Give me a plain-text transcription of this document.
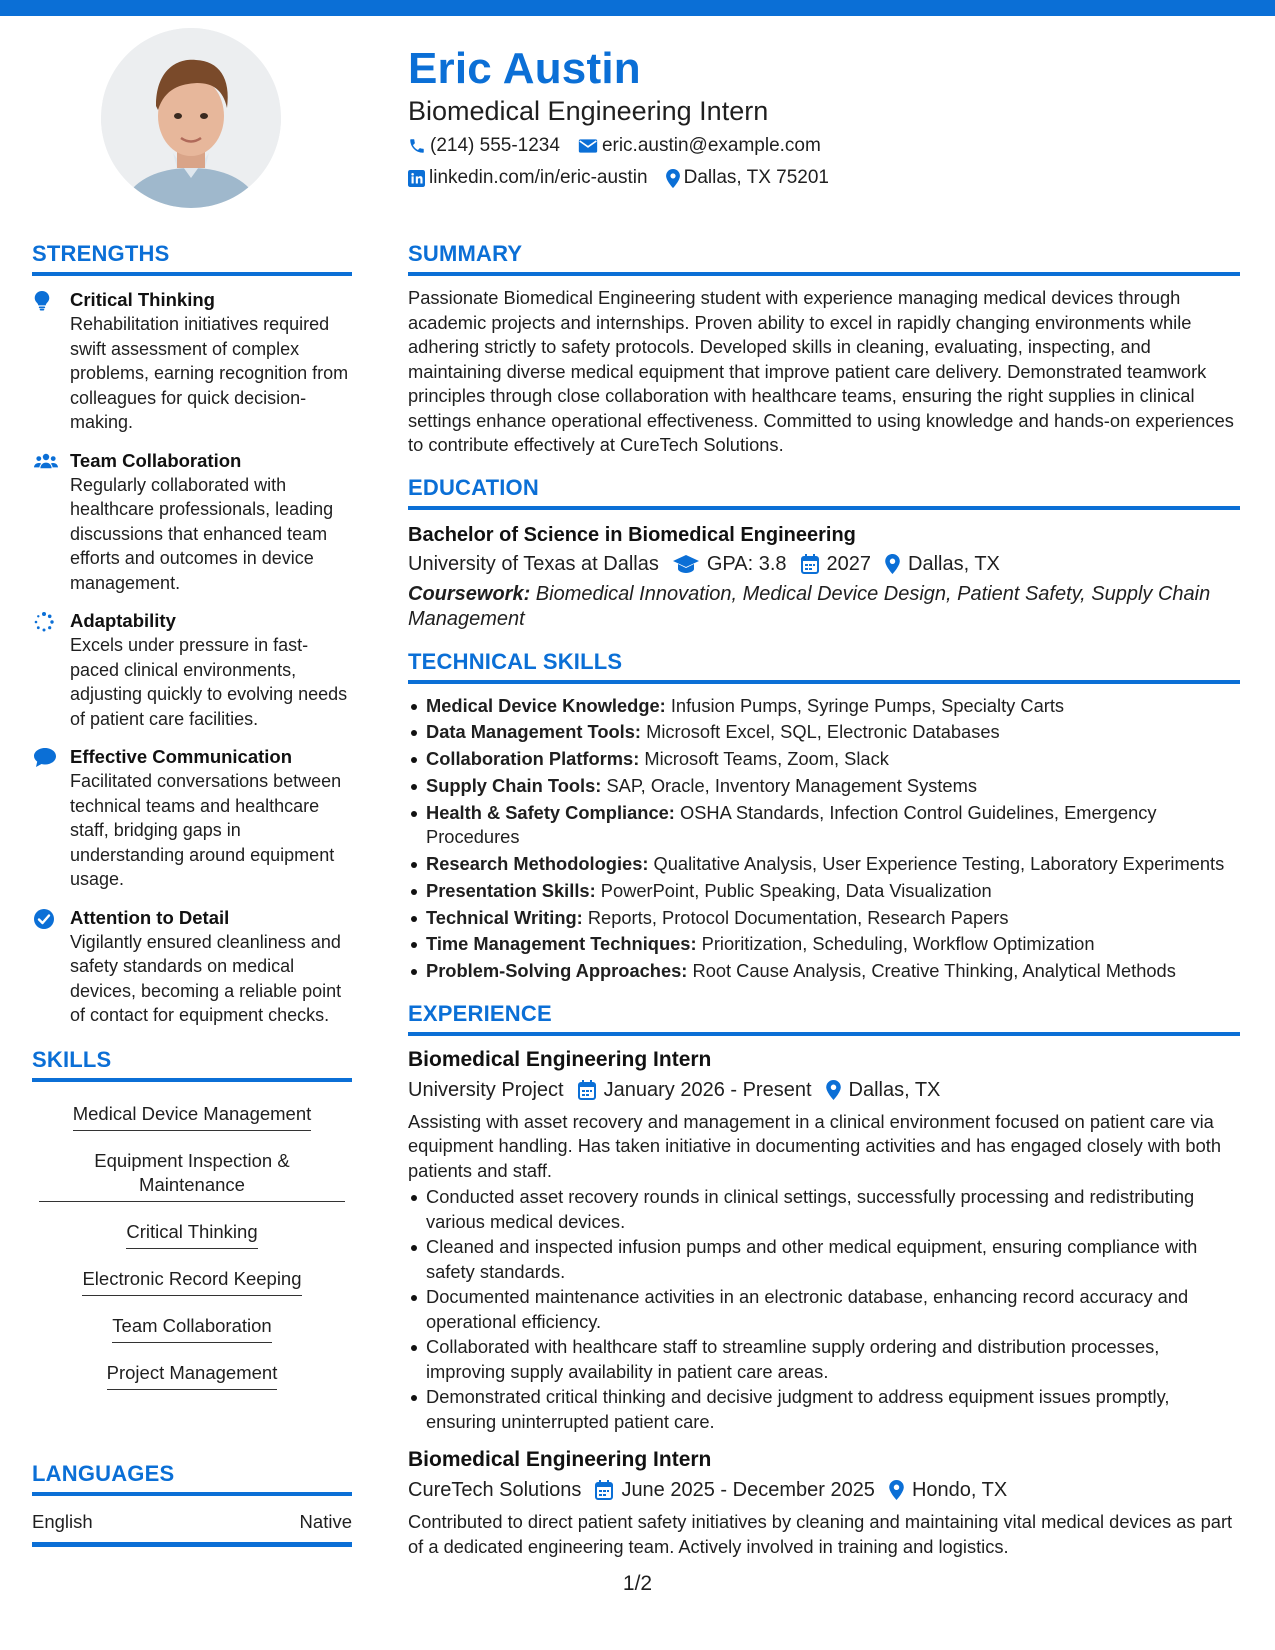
Eric Austin
Biomedical Engineering Intern
(214) 555-1234 eric.austin@example.com
linkedin.com/in/eric-austin Dallas, TX 75201
STRENGTHS
Critical Thinking
Rehabilitation initiatives required swift assessment of complex problems, earning recognition from colleagues for quick decision-making.
Team Collaboration
Regularly collaborated with healthcare professionals, leading discussions that enhanced team efforts and outcomes in device management.
Adaptability
Excels under pressure in fast-paced clinical environments, adjusting quickly to evolving needs of patient care facilities.
Effective Communication
Facilitated conversations between technical teams and healthcare staff, bridging gaps in understanding around equipment usage.
Attention to Detail
Vigilantly ensured cleanliness and safety standards on medical devices, becoming a reliable point of contact for equipment checks.
SKILLS
Medical Device Management
Equipment Inspection & Maintenance
Critical Thinking
Electronic Record Keeping
Team Collaboration
Project Management
LANGUAGES
English	Native
SUMMARY
Passionate Biomedical Engineering student with experience managing medical devices through academic projects and internships. Proven ability to excel in rapidly changing environments while adhering strictly to safety protocols. Developed skills in cleaning, evaluating, inspecting, and maintaining diverse medical equipment that improve patient care delivery. Demonstrated teamwork principles through close collaboration with healthcare teams, ensuring the right supplies in clinical settings enhance operational effectiveness. Committed to using knowledge and hands-on experiences to contribute effectively at CureTech Solutions.
EDUCATION
Bachelor of Science in Biomedical Engineering
University of Texas at Dallas GPA: 3.8 2027 Dallas, TX
Coursework: Biomedical Innovation, Medical Device Design, Patient Safety, Supply Chain Management
TECHNICAL SKILLS
Medical Device Knowledge: Infusion Pumps, Syringe Pumps, Specialty Carts
Data Management Tools: Microsoft Excel, SQL, Electronic Databases
Collaboration Platforms: Microsoft Teams, Zoom, Slack
Supply Chain Tools: SAP, Oracle, Inventory Management Systems
Health & Safety Compliance: OSHA Standards, Infection Control Guidelines, Emergency Procedures
Research Methodologies: Qualitative Analysis, User Experience Testing, Laboratory Experiments
Presentation Skills: PowerPoint, Public Speaking, Data Visualization
Technical Writing: Reports, Protocol Documentation, Research Papers
Time Management Techniques: Prioritization, Scheduling, Workflow Optimization
Problem-Solving Approaches: Root Cause Analysis, Creative Thinking, Analytical Methods
EXPERIENCE
Biomedical Engineering Intern
University Project January 2026 - Present Dallas, TX
Assisting with asset recovery and management in a clinical environment focused on patient care via equipment handling. Has taken initiative in documenting activities and has engaged closely with both patients and staff.
Conducted asset recovery rounds in clinical settings, successfully processing and redistributing various medical devices.
Cleaned and inspected infusion pumps and other medical equipment, ensuring compliance with safety standards.
Documented maintenance activities in an electronic database, enhancing record accuracy and operational efficiency.
Collaborated with healthcare staff to streamline supply ordering and distribution processes, improving supply availability in patient care areas.
Demonstrated critical thinking and decisive judgment to address equipment issues promptly, ensuring uninterrupted patient care.
Biomedical Engineering Intern
CureTech Solutions June 2025 - December 2025 Hondo, TX
Contributed to direct patient safety initiatives by cleaning and maintaining vital medical devices as part of a dedicated engineering team. Actively involved in training and logistics.
1/2
